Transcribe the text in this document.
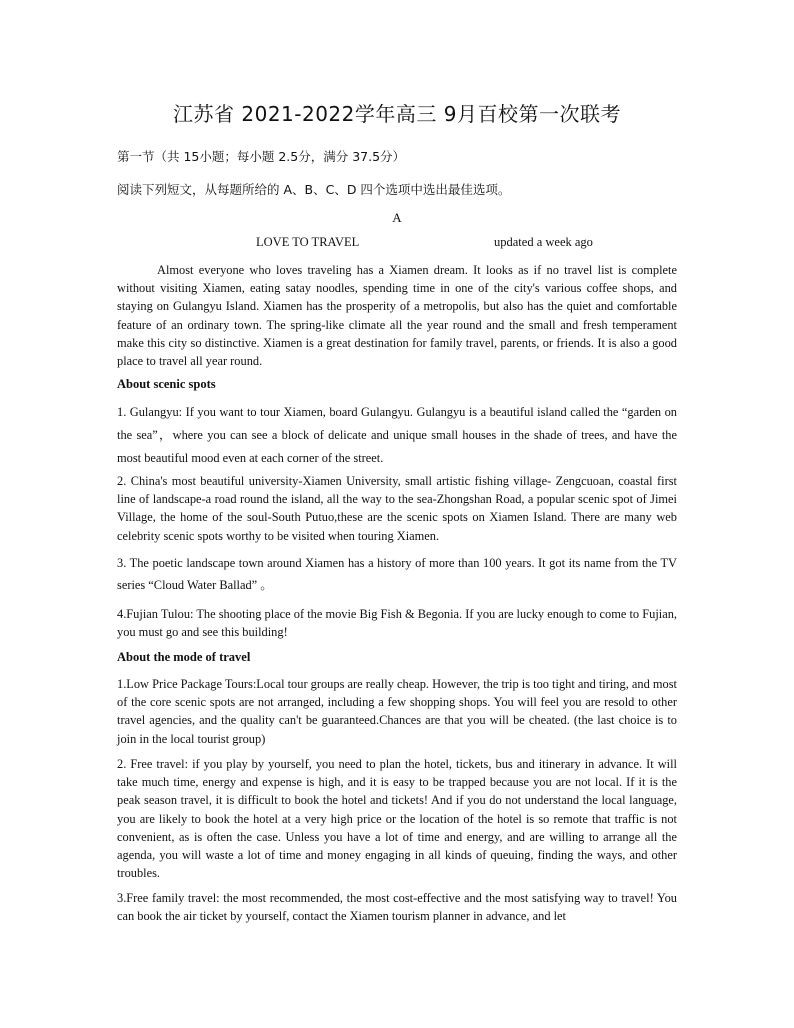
江苏省 2021-2022学年高三 9月百校第一次联考
第一节（共 15小题；每小题 2.5分，满分 37.5分）
阅读下列短文，从每题所给的 A、B、C、D 四个选项中选出最佳选项。
A
LOVE TO TRAVEL	updated a week ago

Almost everyone who loves traveling has a Xiamen dream. It looks as if no travel list is complete without visiting Xiamen, eating satay noodles, spending time in one of the city's various coffee shops, and staying on Gulangyu Island. Xiamen has the prosperity of a metropolis, but also has the quiet and comfortable feature of an ordinary town. The spring-like climate all the year round and the small and fresh temperament make this city so distinctive. Xiamen is a great destination for family travel, parents, or friends. It is also a good place to travel all year round.

About scenic spots

1. Gulangyu: If you want to tour Xiamen, board Gulangyu. Gulangyu is a beautiful island called the “garden on the sea”，where you can see a block of delicate and unique small houses in the shade of trees, and have the most beautiful mood even at each corner of the street.

2. China's most beautiful university-Xiamen University, small artistic fishing village- Zengcuoan, coastal first line of landscape-a road round the island, all the way to the sea-Zhongshan Road, a popular scenic spot of Jimei Village, the home of the soul-South Putuo,these are the scenic spots on Xiamen Island. There are many web celebrity scenic spots worthy to be visited when touring Xiamen.

3. The poetic landscape town around Xiamen has a history of more than 100 years. It got its name from the TV series “Cloud Water Ballad” 。

4.Fujian Tulou: The shooting place of the movie Big Fish & Begonia. If you are lucky enough to come to Fujian, you must go and see this building!

About the mode of travel

1.Low Price Package Tours:Local tour groups are really cheap. However, the trip is too tight and tiring, and most of the core scenic spots are not arranged, including a few shopping shops. You will feel you are resold to other travel agencies, and the quality can't be guaranteed.Chances are that you will be cheated. (the last choice is to join in the local tourist group)

2. Free travel: if you play by yourself, you need to plan the hotel, tickets, bus and itinerary in advance. It will take much time, energy and expense is high, and it is easy to be trapped because you are not local. If it is the peak season travel, it is difficult to book the hotel and tickets! And if you do not understand the local language, you are likely to book the hotel at a very high price or the location of the hotel is so remote that traffic is not convenient, as is often the case. Unless you have a lot of time and energy, and are willing to arrange all the agenda, you will waste a lot of time and money engaging in all kinds of queuing, finding the ways, and other troubles.

3.Free family travel: the most recommended, the most cost-effective and the most satisfying way to travel! You can book the air ticket by yourself, contact the Xiamen tourism planner in advance, and let
